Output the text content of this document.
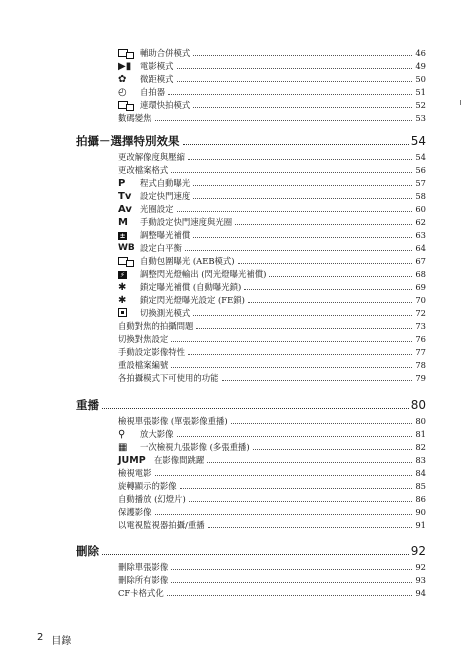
輔助合併模式	46
▶▮	電影模式	49
✿	微距模式	50
◴	自拍器	51
連環快拍模式	52
數碼變焦	53
拍攝－選擇特別效果	54
更改解像度與壓縮	54
更改檔案格式	56
P	程式自動曝光	57
Tv	設定快門速度	58
Av 光圈設定	60
M	手動設定快門速度與光圈	62
±	調整曝光補償	63
WB 設定白平衡	64
自動包圍曝光 (AEB模式)	67
⚡	調整閃光燈輸出 (閃光燈曝光補償)	68
✱	鎖定曝光補償 (自動曝光鎖)	69
✱	鎖定閃光燈曝光設定 (FE鎖)	70
切換測光模式	72
自動對焦的拍攝問題	73
切換對焦設定	76
手動設定影像特性	77
重設檔案編號	78
各拍攝模式下可使用的功能	79
重播	80
檢視單張影像 (單張影像重播)	80
⚲	放大影像	81
▦	一次檢視九張影像 (多張重播)	82
JUMP 在影像間跳躍	83
檢視電影	84
旋轉顯示的影像	85
自動播放 (幻燈片)	86
保護影像	90
以電視監視器拍攝/重播	91
刪除	92
刪除單張影像	92
刪除所有影像	93
CF卡格式化	94
2 目錄
